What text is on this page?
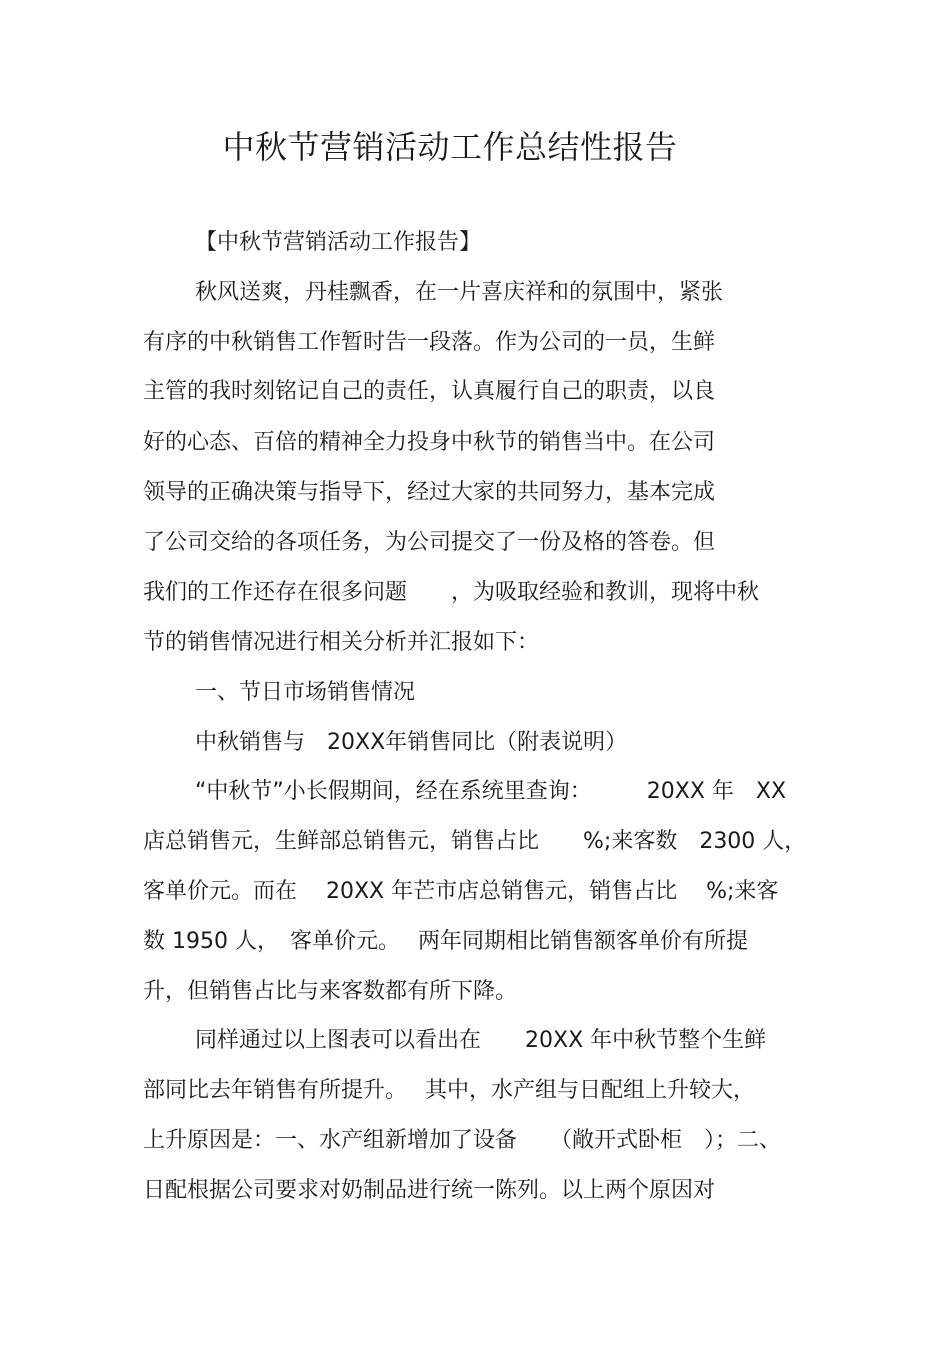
中秋节营销活动工作总结性报告
【中秋节营销活动工作报告】
秋风送爽，丹桂飘香，在一片喜庆祥和的氛围中，紧张
有序的中秋销售工作暂时告一段落。作为公司的一员，生鲜
主管的我时刻铭记自己的责任，认真履行自己的职责，以良
好的心态、百倍的精神全力投身中秋节的销售当中。在公司
领导的正确决策与指导下，经过大家的共同努力，基本完成
了公司交给的各项任务，为公司提交了一份及格的答卷。但
我们的工作还存在很多问题　　，为吸取经验和教训，现将中秋
节的销售情况进行相关分析并汇报如下：
一、节日市场销售情况
中秋销售与　20XX年销售同比（附表说明）
“中秋节”小长假期间，经在系统里查询：　　　20XX 年　XX
店总销售元，生鲜部总销售元，销售占比　　%;来客数　2300 人，
客单价元。而在　 20XX 年芒市店总销售元，销售占比　 %;来客
数 1950 人，　客单价元。　 两年同期相比销售额客单价有所提
升，但销售占比与来客数都有所下降。
同样通过以上图表可以看出在　　20XX 年中秋节整个生鲜
部同比去年销售有所提升。　 其中，水产组与日配组上升较大，
上升原因是：一、水产组新增加了设备　　（敞开式卧柜　）；二、
日配根据公司要求对奶制品进行统一陈列。以上两个原因对
